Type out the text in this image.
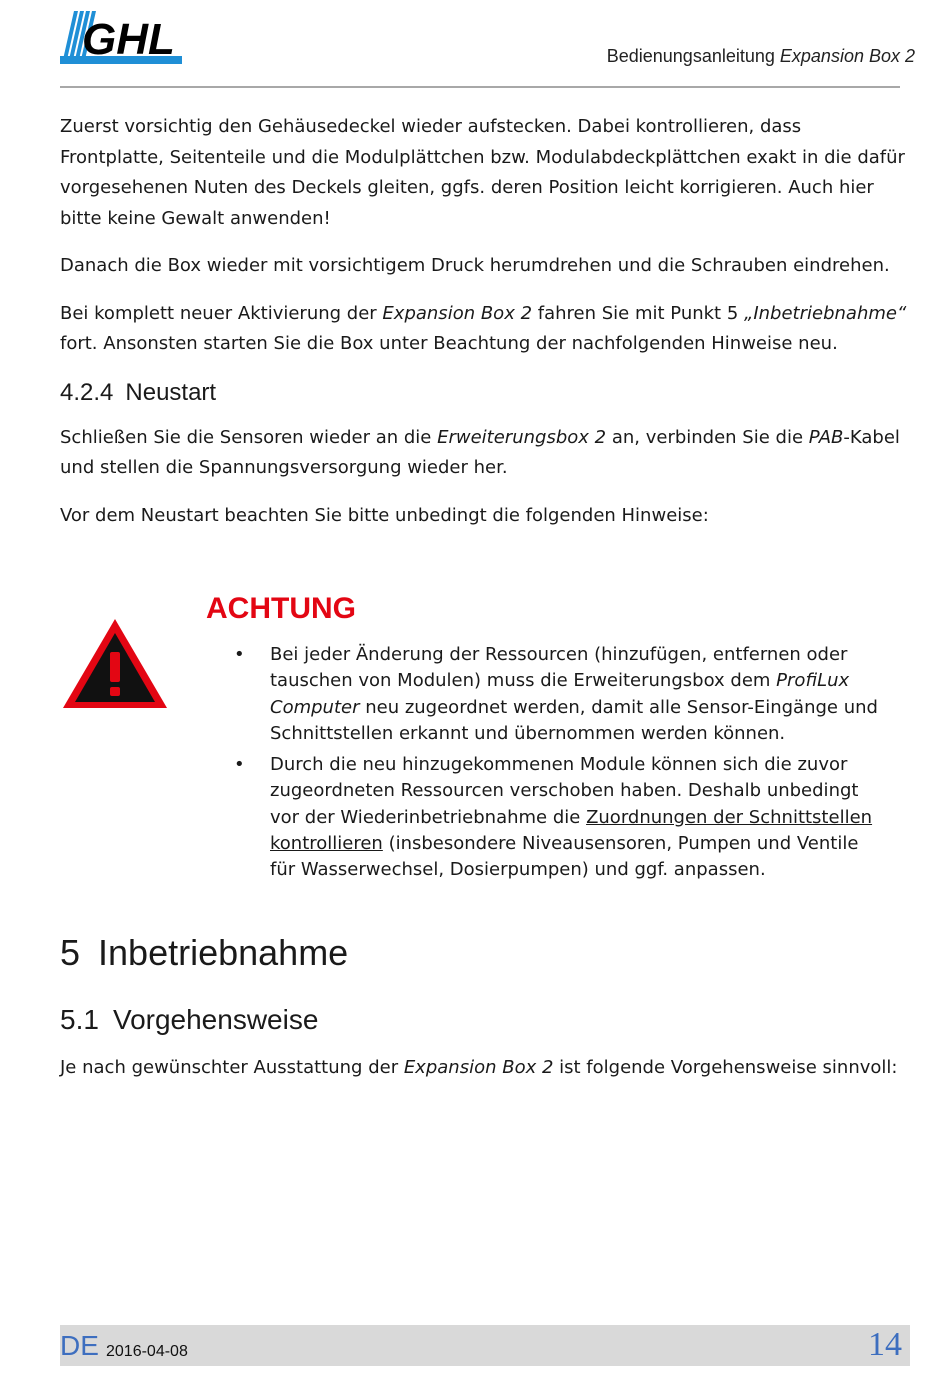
GHL	Bedienungsanleitung Expansion Box 2

Zuerst vorsichtig den Gehäusedeckel wieder aufstecken. Dabei kontrollieren, dass Frontplatte, Seitenteile und die Modulplättchen bzw. Modulabdeckplättchen exakt in die dafür vorgesehenen Nuten des Deckels gleiten, ggfs. deren Position leicht korrigieren. Auch hier bitte keine Gewalt anwenden!

Danach die Box wieder mit vorsichtigem Druck herumdrehen und die Schrauben eindrehen.

Bei komplett neuer Aktivierung der Expansion Box 2 fahren Sie mit Punkt 5 „Inbetriebnahme“ fort. Ansonsten starten Sie die Box unter Beachtung der nachfolgenden Hinweise neu.

4.2.4 Neustart

Schließen Sie die Sensoren wieder an die Erweiterungsbox 2 an, verbinden Sie die PAB-Kabel und stellen die Spannungsversorgung wieder her.

Vor dem Neustart beachten Sie bitte unbedingt die folgenden Hinweise:

ACHTUNG
• Bei jeder Änderung der Ressourcen (hinzufügen, entfernen oder tauschen von Modulen) muss die Erweiterungsbox dem ProfiLux Computer neu zugeordnet werden, damit alle Sensor-Eingänge und Schnittstellen erkannt und übernommen werden können.
• Durch die neu hinzugekommenen Module können sich die zuvor zugeordneten Ressourcen verschoben haben. Deshalb unbedingt vor der Wiederinbetriebnahme die Zuordnungen der Schnittstellen kontrollieren (insbesondere Niveausensoren, Pumpen und Ventile für Wasserwechsel, Dosierpumpen) und ggf. anpassen.
5 Inbetriebnahme
5.1 Vorgehensweise

Je nach gewünschter Ausstattung der Expansion Box 2 ist folgende Vorgehensweise sinnvoll:

DE 2016-04-08	14
